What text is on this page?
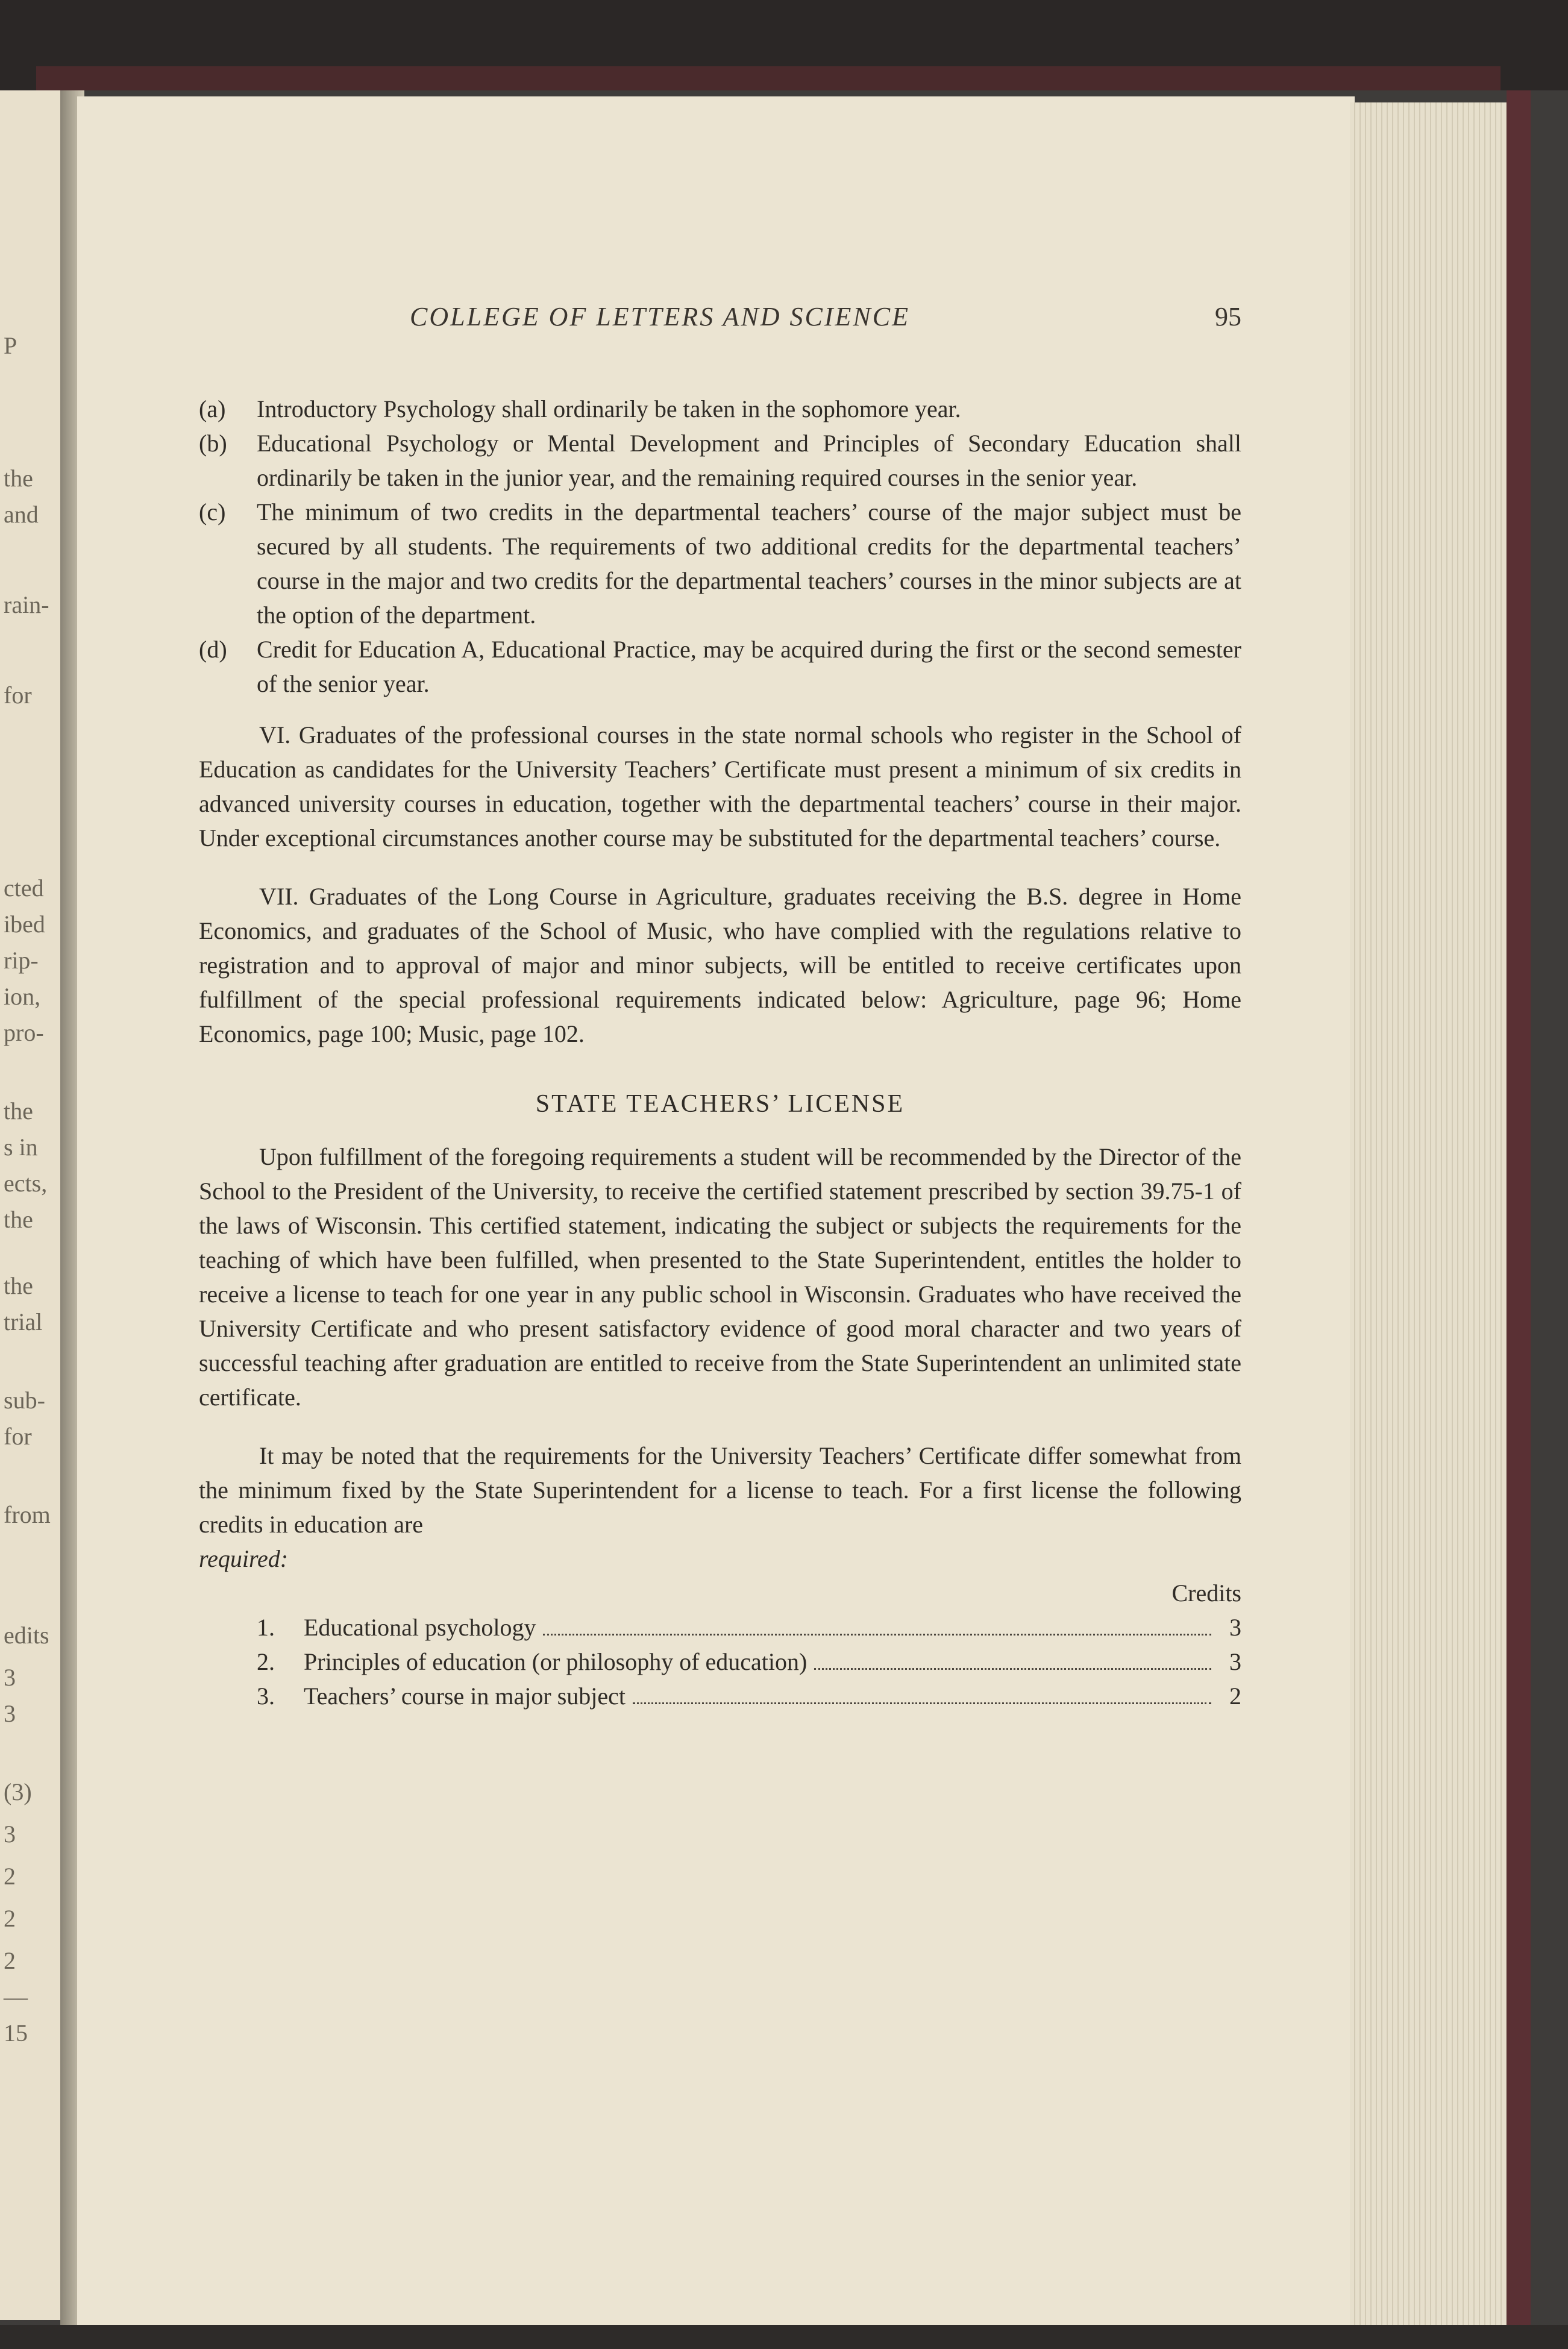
P
the
and
rain-
for
cted
ibed
rip-
ion,
pro-
the
s in
ects,
the
the
trial
sub-
for
from
edits
3
3
(3)
3
2
2
2
—
15
COLLEGE OF LETTERS AND SCIENCE	95
(a)	Introductory Psychology shall ordinarily be taken in the sophomore year.
(b)	Educational Psychology or Mental Development and Principles of Secondary Education shall ordinarily be taken in the junior year, and the remaining required courses in the senior year.
(c)	The minimum of two credits in the departmental teachers’ course of the major subject must be secured by all students. The requirements of two additional credits for the departmental teachers’ course in the major and two credits for the departmental teachers’ courses in the minor subjects are at the option of the department.
(d)	Credit for Education A, Educational Practice, may be acquired during the first or the second semester of the senior year.

VI. Graduates of the professional courses in the state normal schools who register in the School of Education as candidates for the University Teachers’ Certificate must present a minimum of six credits in advanced university courses in education, together with the departmental teachers’ course in their major. Under exceptional circumstances another course may be substituted for the departmental teachers’ course.

VII. Graduates of the Long Course in Agriculture, graduates receiving the B.S. degree in Home Economics, and graduates of the School of Music, who have complied with the regulations relative to registration and to approval of major and minor subjects, will be entitled to receive certificates upon fulfillment of the special professional requirements indicated below: Agriculture, page 96; Home Economics, page 100; Music, page 102.

STATE TEACHERS’ LICENSE

Upon fulfillment of the foregoing requirements a student will be recommended by the Director of the School to the President of the University, to receive the certified statement prescribed by section 39.75-1 of the laws of Wisconsin. This certified statement, indicating the subject or subjects the requirements for the teaching of which have been fulfilled, when presented to the State Superintendent, entitles the holder to receive a license to teach for one year in any public school in Wisconsin. Graduates who have received the University Certificate and who present satisfactory evidence of good moral character and two years of successful teaching after graduation are entitled to receive from the State Superintendent an unlimited state certificate.

It may be noted that the requirements for the University Teachers’ Certificate differ somewhat from the minimum fixed by the State Superintendent for a license to teach. For a first license the following credits in education are
required:

Credits
1.	Educational psychology	3
2.	Principles of education (or philosophy of education)	3
3.	Teachers’ course in major subject	2
